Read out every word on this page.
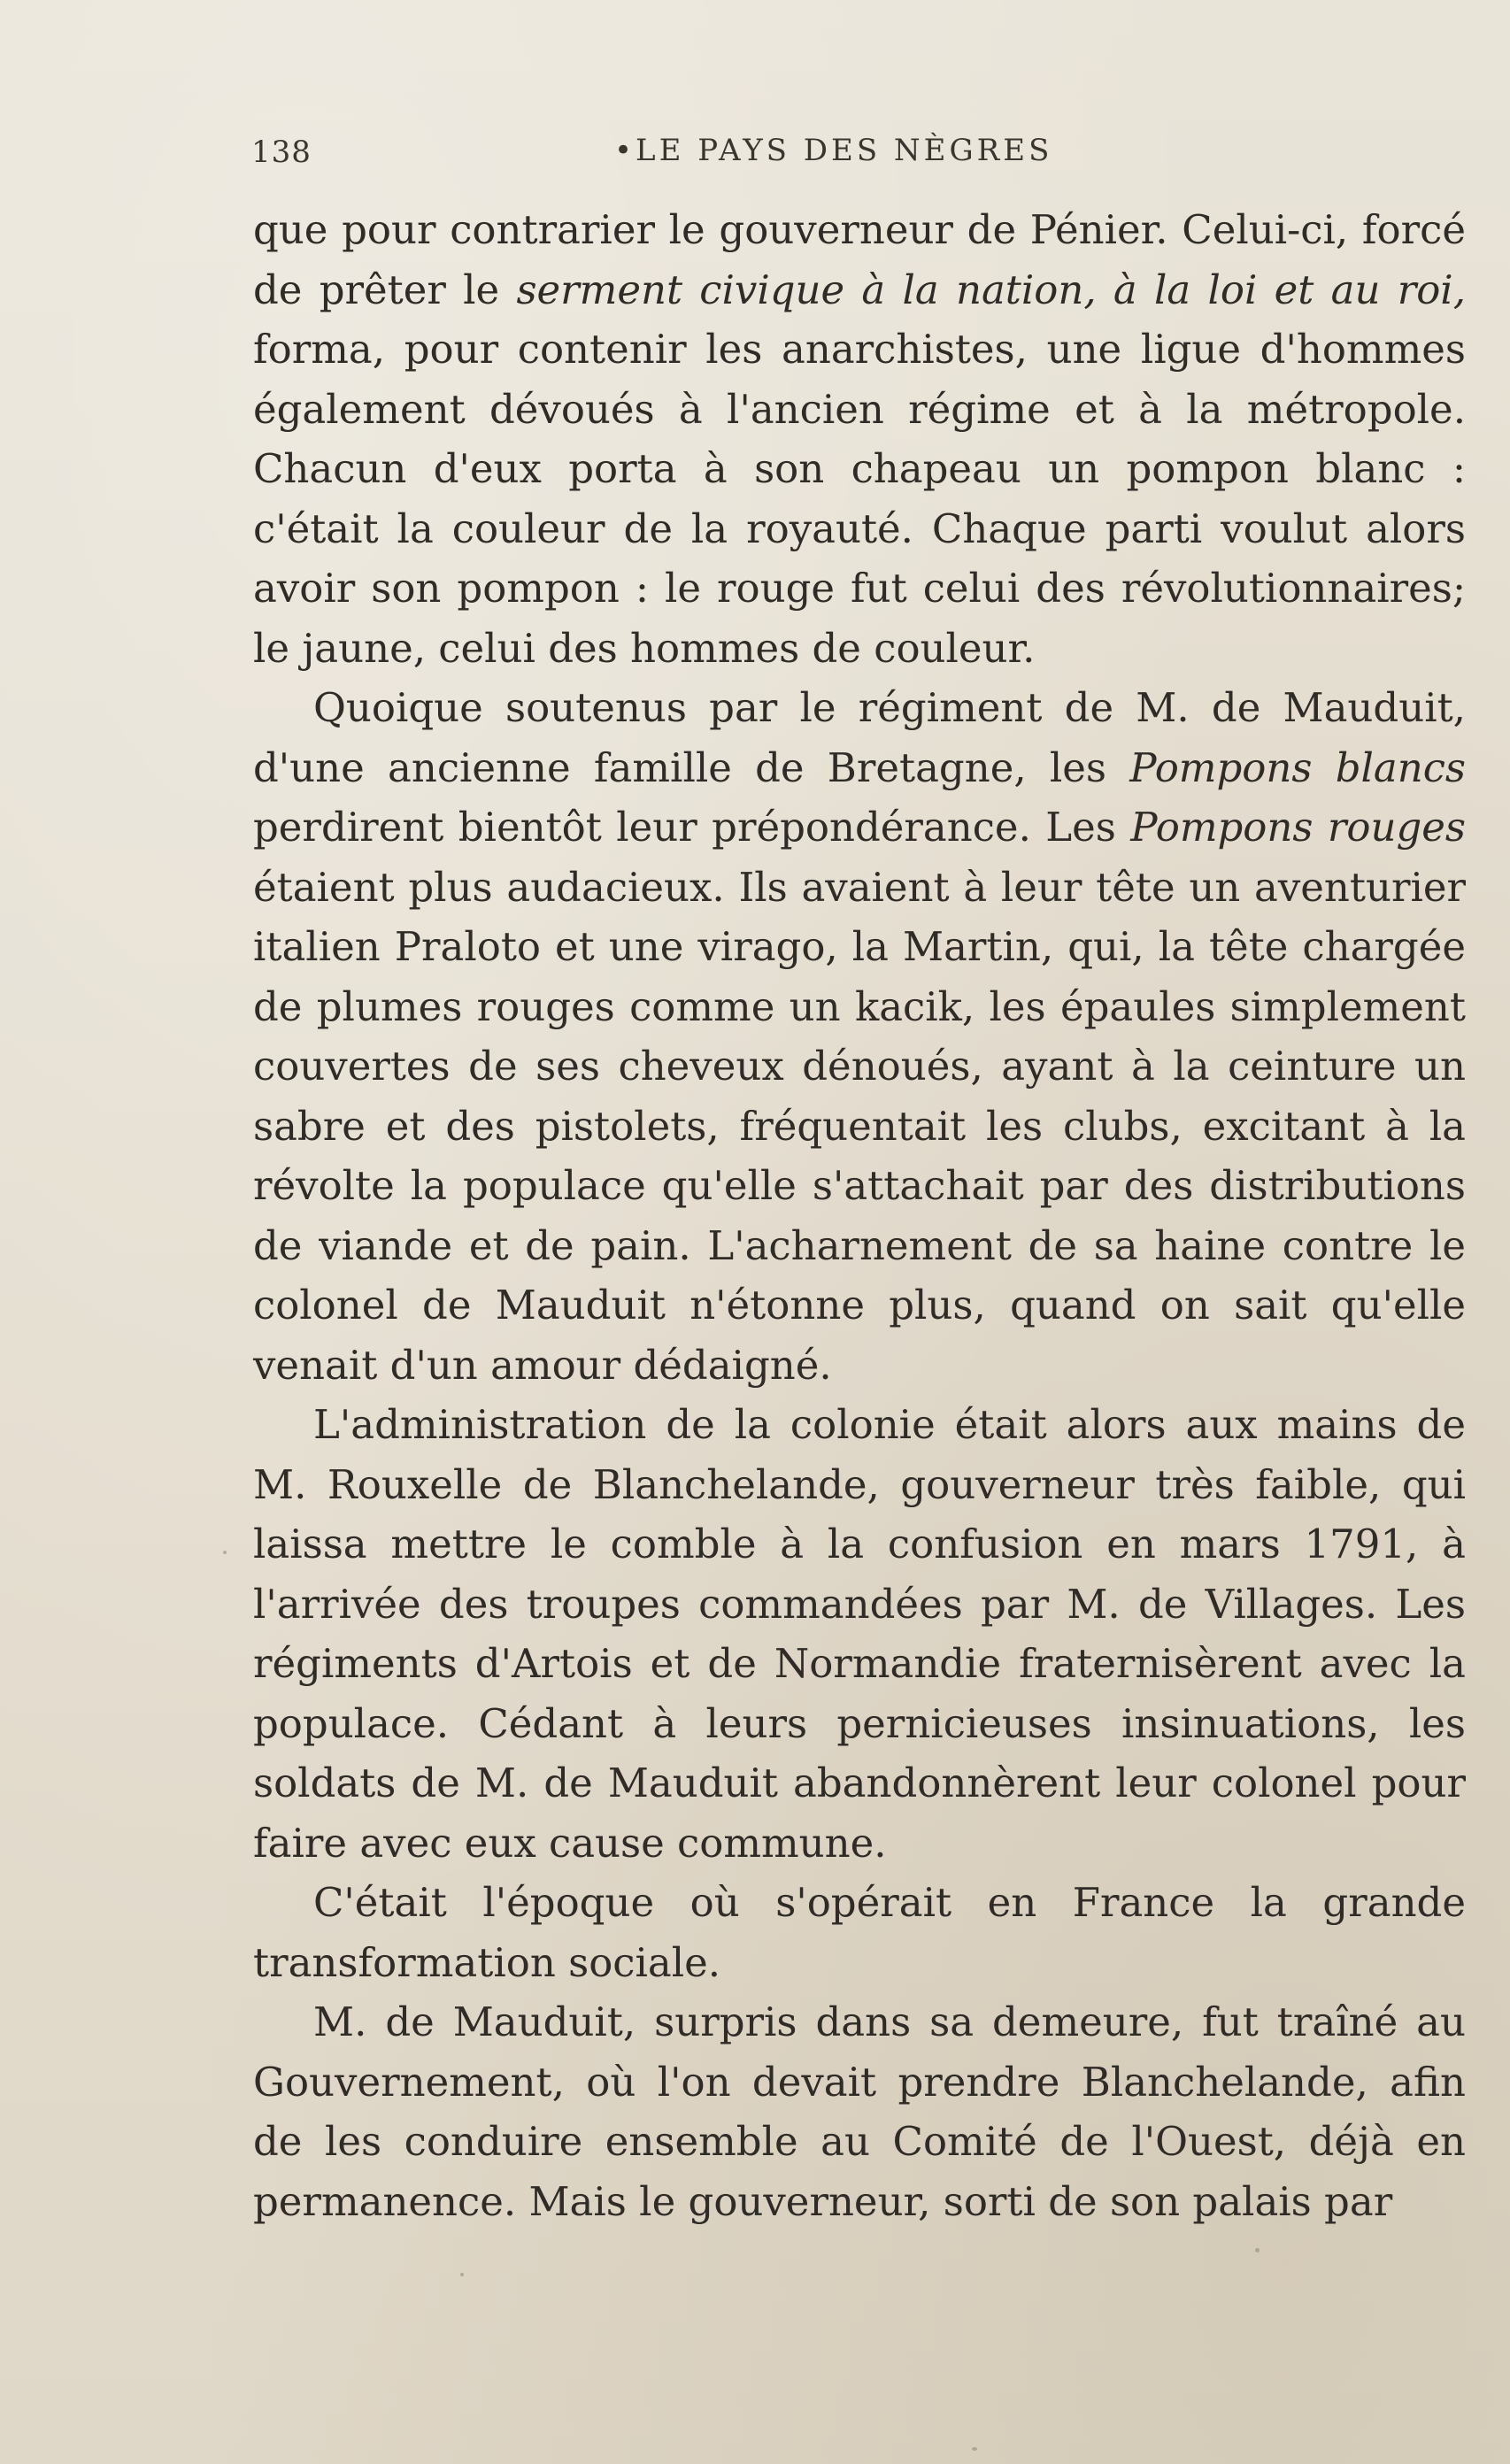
138	•LE PAYS DES NÈGRES

que pour contrarier le gouverneur de Pénier. Celui-ci, forcé de prêter le serment civique à la nation, à la loi et au roi, forma, pour contenir les anarchistes, une ligue d'hommes également dévoués à l'ancien régime et à la métropole. Chacun d'eux porta à son chapeau un pompon blanc : c'était la couleur de la royauté. Chaque parti voulut alors avoir son pompon : le rouge fut celui des révolutionnaires; le jaune, celui des hommes de couleur.

Quoique soutenus par le régiment de M. de Mauduit, d'une ancienne famille de Bretagne, les Pompons blancs perdirent bientôt leur prépondérance. Les Pompons rouges étaient plus audacieux. Ils avaient à leur tête un aventurier italien Praloto et une virago, la Martin, qui, la tête chargée de plumes rouges comme un kacik, les épaules simplement couvertes de ses cheveux dénoués, ayant à la ceinture un sabre et des pistolets, fréquentait les clubs, excitant à la révolte la populace qu'elle s'attachait par des distributions de viande et de pain. L'acharnement de sa haine contre le colonel de Mauduit n'étonne plus, quand on sait qu'elle venait d'un amour dédaigné.

L'administration de la colonie était alors aux mains de M. Rouxelle de Blanchelande, gouverneur très faible, qui laissa mettre le comble à la confusion en mars 1791, à l'arrivée des troupes commandées par M. de Villages. Les régiments d'Artois et de Normandie fraternisèrent avec la populace. Cédant à leurs pernicieuses insinuations, les soldats de M. de Mauduit abandonnèrent leur colonel pour faire avec eux cause commune.

C'était l'époque où s'opérait en France la grande transformation sociale.

M. de Mauduit, surpris dans sa demeure, fut traîné au Gouvernement, où l'on devait prendre Blanchelande, afin de les conduire ensemble au Comité de l'Ouest, déjà en permanence. Mais le gouverneur, sorti de son palais par
